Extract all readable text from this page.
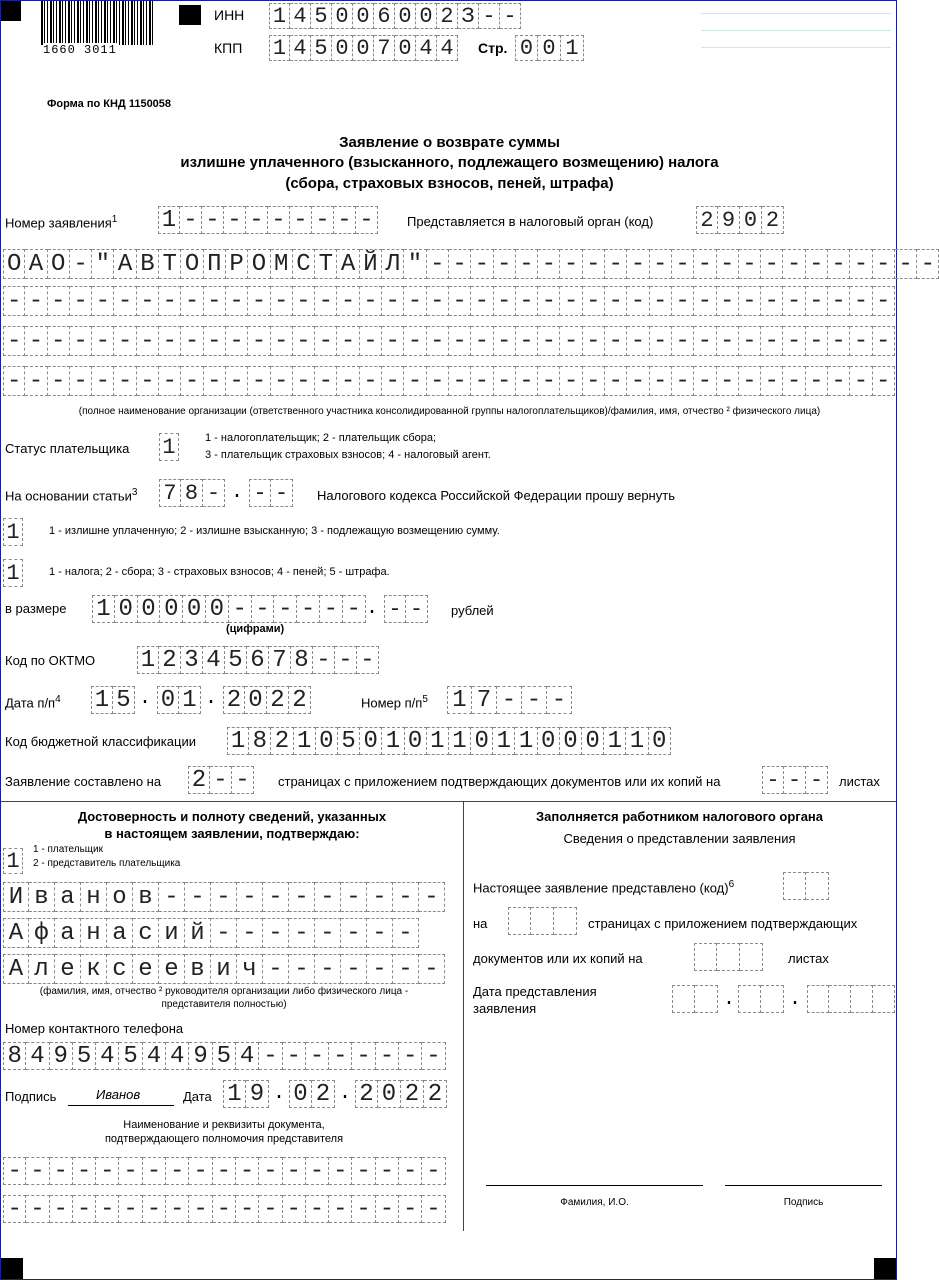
1660 3011
ИНН 1 4 5 0 0 6 0 0 2 З - -
КПП 1 4 5 0 0 7 0 4 4	Стр. 0 0 1
Форма по КНД 1150058
Заявление о возврате суммы
излишне уплаченного (взысканного, подлежащего возмещению) налога
(сбора, страховых взносов, пеней, штрафа)
Номер заявления$^1$ 1 - - - - - - - - -	Представляется в налоговый орган (код) 2 9 0 2
О А О - " А В Т О П Р О М С Т А Й Л " - - - - - - - - - - - - - - - - - - - - - - -
- - - - - - - - - - - - - - - - - - - - - - - - - - - - - - - - - - - - - - - -
- - - - - - - - - - - - - - - - - - - - - - - - - - - - - - - - - - - - - - - -
- - - - - - - - - - - - - - - - - - - - - - - - - - - - - - - - - - - - - - - -
(полное наименование организации (ответственного участника консолидированной группы налогоплательщиков)/фамилия, имя, отчество ² физического лица)
Статус плательщика 1	1 - налогоплательщик; 2 - плательщик сбора;
3 - плательщик страховых взносов; 4 - налоговый агент.
На основании статьи$^3$ 7 8 - . - -	Налогового кодекса Российской Федерации прошу вернуть
1	1 - излишне уплаченную; 2 - излишне взысканную; 3 - подлежащую возмещению сумму.
1	1 - налога; 2 - сбора; 3 - страховых взносов; 4 - пеней; 5 - штрафа.
в размере 1 0 0 0 0 0 - - - - - - . - -	рублей
(цифрами)
Код по ОКТМО 1 2 3 4 5 6 7 8 - - -
Дата $п/п^4$ 1 5 . 0 1 . 2 0 2 2	Номер $п/п^5$ 1 7 - - -
Код бюджетной классификации 1 8 2 1 0 5 0 1 0 1 1 0 1 1 0 0 0 1 1 0
Заявление составлено на 2 - -	страницах с приложением подтверждающих документов или их копий на - - -	листах
Достоверность и полноту сведений, указанных
в настоящем заявлении, подтверждаю:
1	1 - плательщик
2 - представитель плательщика
И в а н о в - - - - - - - - - - -
А ф а н а с и й - - - - - - - -
А л е к с е е в и ч - - - - - - -
(фамилия, имя, отчество ² руководителя организации либо физического лица -
представителя полностью)
Номер контактного телефона
8 4 9 5 4 5 4 4 9 5 4 - - - - - - - -
Подпись	Иванов	Дата 1 9 . 0 2 . 2 0 2 2
Наименование и реквизиты документа,
подтверждающего полномочия представителя
- - - - - - - - - - - - - - - - - - -
- - - - - - - - - - - - - - - - - - -
Заполняется работником налогового органа
Сведения о представлении заявления
Настоящее заявление представлено (код)$^6$
на	страницах с приложением подтверждающих
документов или их копий на	листах
Дата представления
заявления	.	.
Фамилия, И.О.	Подпись
